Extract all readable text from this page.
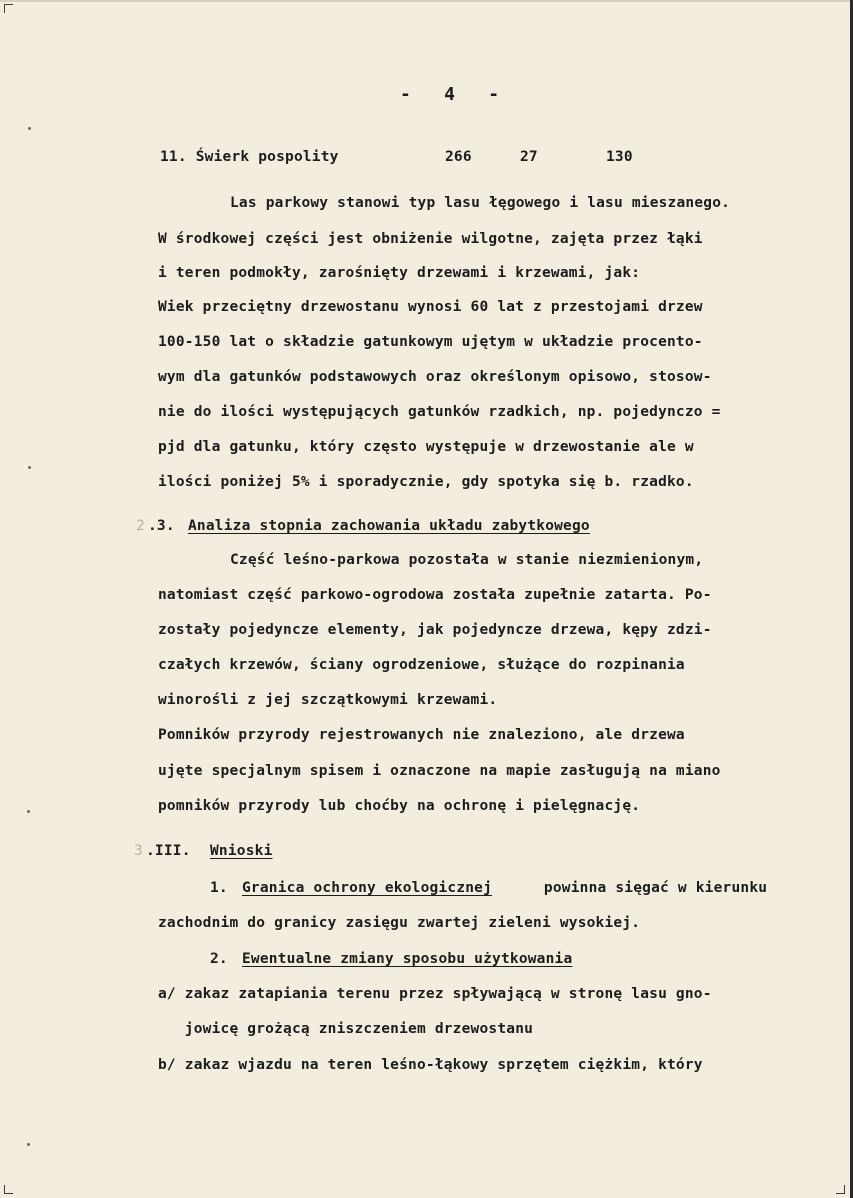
-   4   -
11. Świerk pospolity	266	27	130
Las parkowy stanowi typ lasu łęgowego i lasu mieszanego.
W środkowej części jest obniżenie wilgotne, zajęta przez łąki
i teren podmokły, zarośnięty drzewami i krzewami, jak:
Wiek przeciętny drzewostanu wynosi 60 lat z przestojami drzew
100-150 lat o składzie gatunkowym ujętym w układzie procento-
wym dla gatunków podstawowych oraz określonym opisowo, stosow-
nie do ilości występujących gatunków rzadkich, np. pojedynczo =
pjd dla gatunku, który często występuje w drzewostanie ale w
ilości poniżej 5% i sporadycznie, gdy spotyka się b. rzadko.
2 .3. Analiza stopnia zachowania układu zabytkowego
Część leśno-parkowa pozostała w stanie niezmienionym,
natomiast część parkowo-ogrodowa została zupełnie zatarta. Po-
zostały pojedyncze elementy, jak pojedyncze drzewa, kępy zdzi-
czałych krzewów, ściany ogrodzeniowe, służące do rozpinania
winorośli z jej szczątkowymi krzewami.
Pomników przyrody rejestrowanych nie znaleziono, ale drzewa
ujęte specjalnym spisem i oznaczone na mapie zasługują na miano
pomników przyrody lub choćby na ochronę i pielęgnację.
3 .III. Wnioski
1. Granica ochrony ekologicznej	powinna sięgać w kierunku
zachodnim do granicy zasięgu zwartej zieleni wysokiej.
2. Ewentualne zmiany sposobu użytkowania
a/ zakaz zatapiania terenu przez spływającą w stronę lasu gno-
jowicę grożącą zniszczeniem drzewostanu
b/ zakaz wjazdu na teren leśno-łąkowy sprzętem ciężkim, który
